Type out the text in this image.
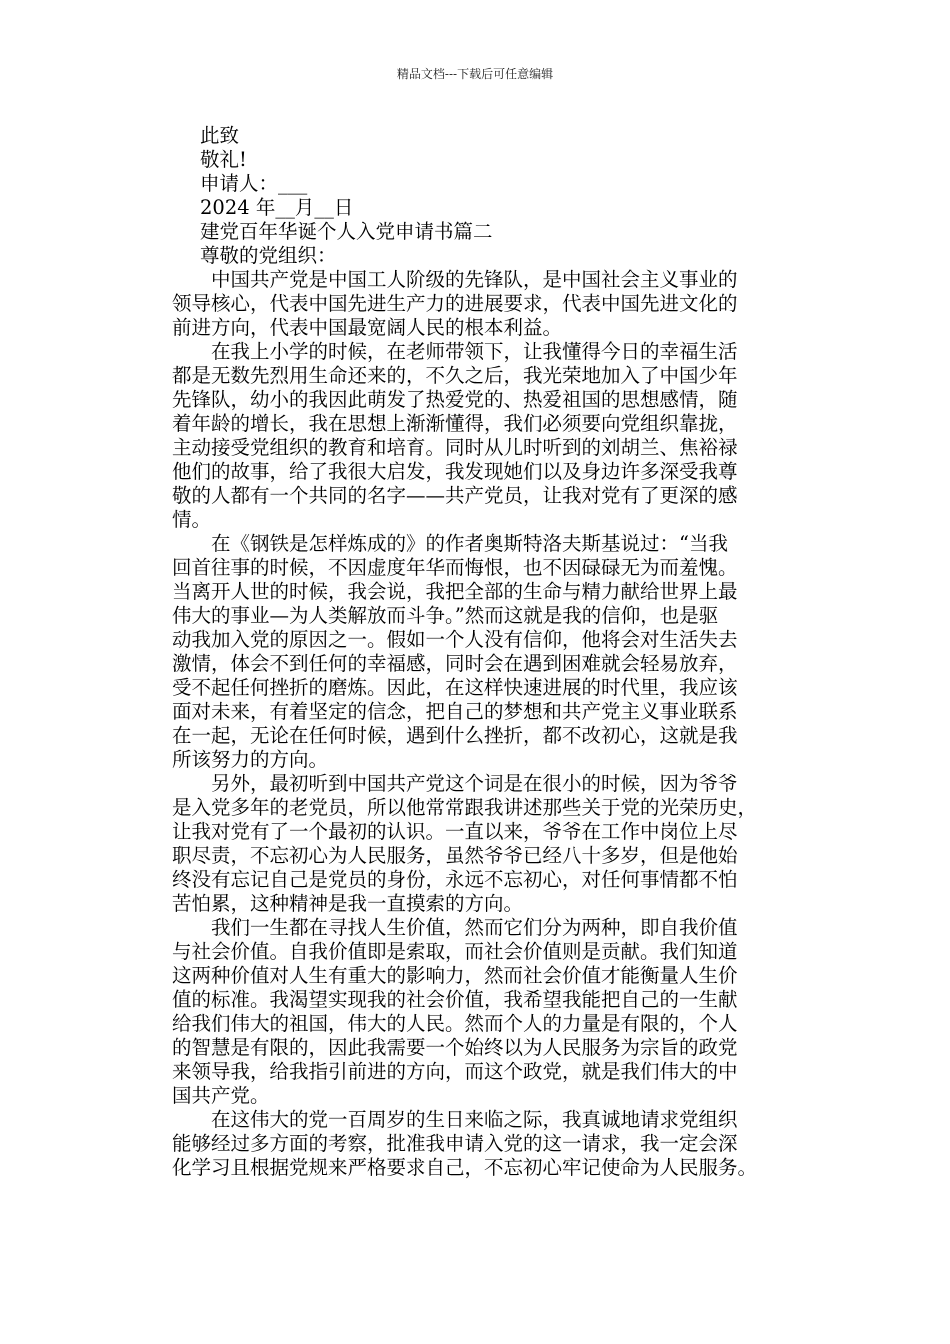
精品文档---下载后可任意编辑
此致
敬礼!
申请人：___
2024 年__月__日
建党百年华诞个人入党申请书篇二
尊敬的党组织：
　　中国共产党是中国工人阶级的先锋队，是中国社会主义事业的
领导核心，代表中国先进生产力的进展要求，代表中国先进文化的
前进方向，代表中国最宽阔人民的根本利益。
　　在我上小学的时候，在老师带领下，让我懂得今日的幸福生活
都是无数先烈用生命还来的，不久之后，我光荣地加入了中国少年
先锋队，幼小的我因此萌发了热爱党的、热爱祖国的思想感情，随
着年龄的增长，我在思想上渐渐懂得，我们必须要向党组织靠拢，
主动接受党组织的教育和培育。同时从儿时听到的刘胡兰、焦裕禄
他们的故事，给了我很大启发，我发现她们以及身边许多深受我尊
敬的人都有一个共同的名字——共产党员，让我对党有了更深的感
情。
　　在《钢铁是怎样炼成的》的作者奥斯特洛夫斯基说过：“当我
回首往事的时候，不因虚度年华而悔恨，也不因碌碌无为而羞愧。
当离开人世的时候，我会说，我把全部的生命与精力献给世界上最
伟大的事业—为人类解放而斗争。”然而这就是我的信仰，也是驱
动我加入党的原因之一。假如一个人没有信仰，他将会对生活失去
激情，体会不到任何的幸福感，同时会在遇到困难就会轻易放弃，
受不起任何挫折的磨炼。因此，在这样快速进展的时代里，我应该
面对未来，有着坚定的信念，把自己的梦想和共产党主义事业联系
在一起，无论在任何时候，遇到什么挫折，都不改初心，这就是我
所该努力的方向。
　　另外，最初听到中国共产党这个词是在很小的时候，因为爷爷
是入党多年的老党员，所以他常常跟我讲述那些关于党的光荣历史，
让我对党有了一个最初的认识。一直以来，爷爷在工作中岗位上尽
职尽责，不忘初心为人民服务，虽然爷爷已经八十多岁，但是他始
终没有忘记自己是党员的身份，永远不忘初心，对任何事情都不怕
苦怕累，这种精神是我一直摸索的方向。
　　我们一生都在寻找人生价值，然而它们分为两种，即自我价值
与社会价值。自我价值即是索取，而社会价值则是贡献。我们知道
这两种价值对人生有重大的影响力，然而社会价值才能衡量人生价
值的标准。我渴望实现我的社会价值，我希望我能把自己的一生献
给我们伟大的祖国，伟大的人民。然而个人的力量是有限的，个人
的智慧是有限的，因此我需要一个始终以为人民服务为宗旨的政党
来领导我，给我指引前进的方向，而这个政党，就是我们伟大的中
国共产党。
　　在这伟大的党一百周岁的生日来临之际，我真诚地请求党组织
能够经过多方面的考察，批准我申请入党的这一请求，我一定会深
化学习且根据党规来严格要求自己，不忘初心牢记使命为人民服务。
